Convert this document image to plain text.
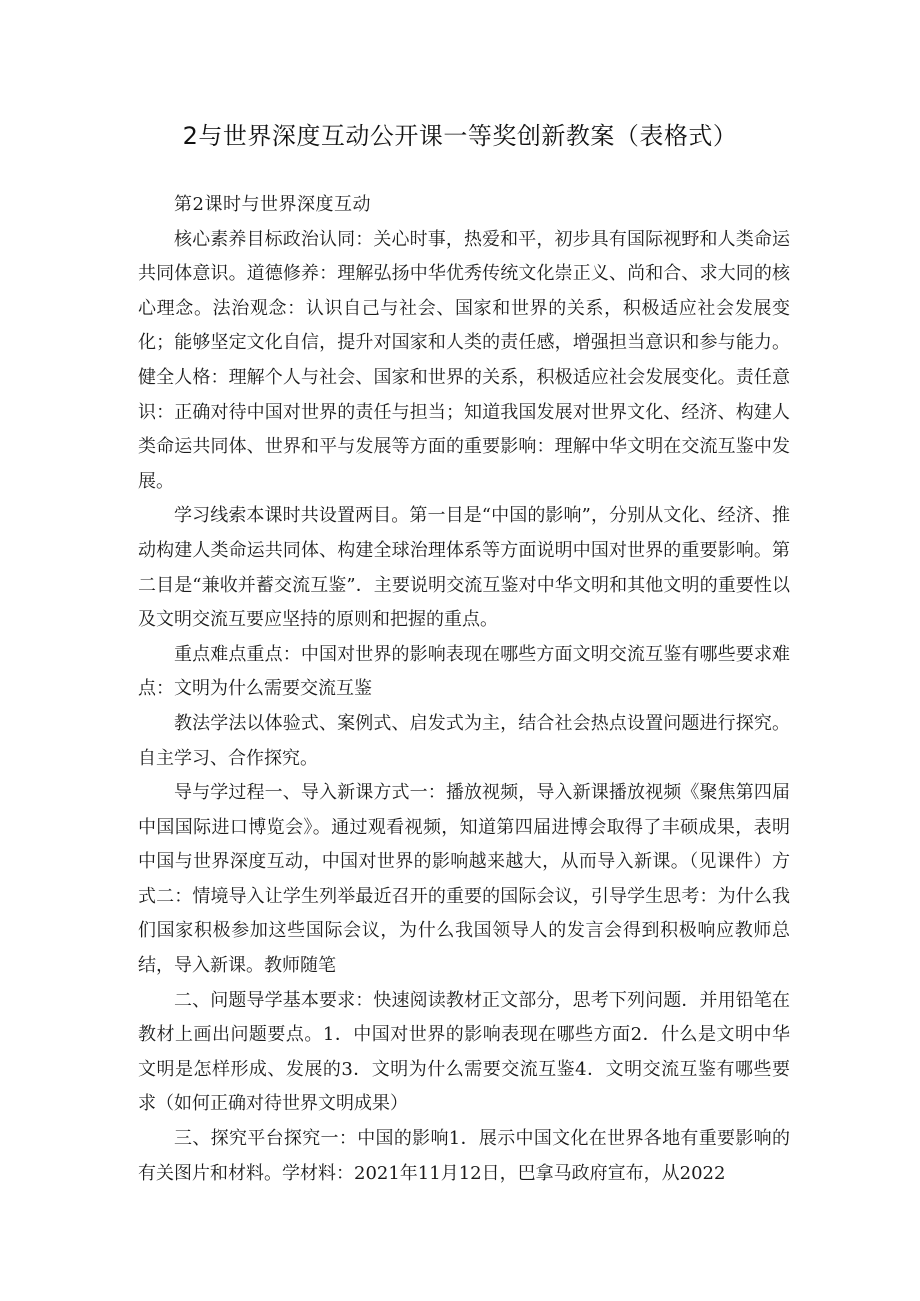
2与世界深度互动公开课一等奖创新教案（表格式）

第2课时与世界深度互动

核心素养目标政治认同：关心时事，热爱和平，初步具有国际视野和人类命运共同体意识。道德修养：理解弘扬中华优秀传统文化崇正义、尚和合、求大同的核心理念。法治观念：认识自己与社会、国家和世界的关系，积极适应社会发展变化；能够坚定文化自信，提升对国家和人类的责任感，增强担当意识和参与能力。健全人格：理解个人与社会、国家和世界的关系，积极适应社会发展变化。责任意识：正确对待中国对世界的责任与担当；知道我国发展对世界文化、经济、构建人类命运共同体、世界和平与发展等方面的重要影响：理解中华文明在交流互鉴中发展。

学习线索本课时共设置两目。第一目是“中国的影响”，分别从文化、经济、推动构建人类命运共同体、构建全球治理体系等方面说明中国对世界的重要影响。第二目是“兼收并蓄交流互鉴”．主要说明交流互鉴对中华文明和其他文明的重要性以及文明交流互要应坚持的原则和把握的重点。

重点难点重点：中国对世界的影响表现在哪些方面文明交流互鉴有哪些要求难点：文明为什么需要交流互鉴

教法学法以体验式、案例式、启发式为主，结合社会热点设置问题进行探究。自主学习、合作探究。

导与学过程一、导入新课方式一：播放视频，导入新课播放视频《聚焦第四届中国国际进口博览会》。通过观看视频，知道第四届进博会取得了丰硕成果，表明中国与世界深度互动，中国对世界的影响越来越大，从而导入新课。（见课件）方式二：情境导入让学生列举最近召开的重要的国际会议，引导学生思考：为什么我们国家积极参加这些国际会议，为什么我国领导人的发言会得到积极响应教师总结，导入新课。教师随笔

二、问题导学基本要求：快速阅读教材正文部分，思考下列问题．并用铅笔在教材上画出问题要点。1．中国对世界的影响表现在哪些方面2．什么是文明中华文明是怎样形成、发展的3．文明为什么需要交流互鉴4．文明交流互鉴有哪些要求（如何正确对待世界文明成果）

三、探究平台探究一：中国的影响1．展示中国文化在世界各地有重要影响的有关图片和材料。学材料：2021年11月12日，巴拿马政府宣布，从2022
